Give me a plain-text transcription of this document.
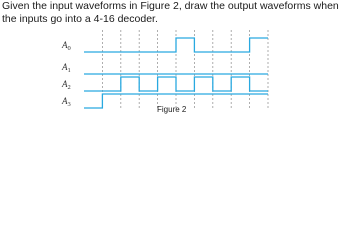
Given the input waveforms in Figure 2, draw the output waveforms when the inputs go into a 4-16 decoder.

$A_0$
$A_1$
$A_2$
$A_3$
Figure 2
